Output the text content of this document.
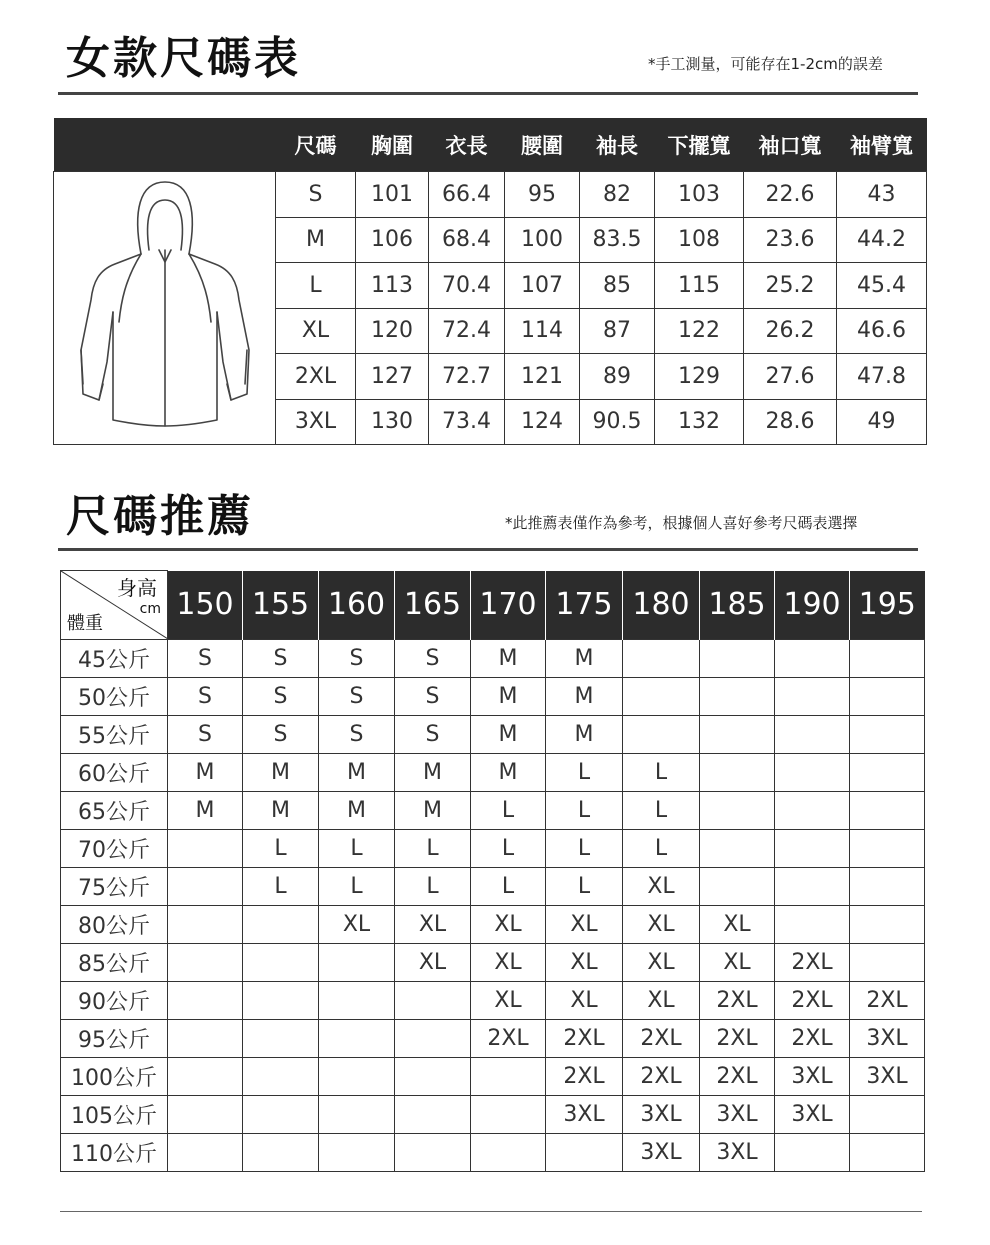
女款尺碼表	*手工測量，可能存在1-2cm的誤差
	尺碼	胸圍	衣長	腰圍	袖長	下擺寬	袖口寬	袖臂寬
	S	101	66.4	95	82	103	22.6	43
	M	106	68.4	100	83.5	108	23.6	44.2
	L	113	70.4	107	85	115	25.2	45.4
	XL	120	72.4	114	87	122	26.2	46.6
	2XL	127	72.7	121	89	129	27.6	47.8
	3XL	130	73.4	124	90.5	132	28.6	49
尺碼推薦	*此推薦表僅作為參考，根據個人喜好參考尺碼表選擇
身高
cm
體重	150	155	160	165	170	175	180	185	190	195
45公斤	S	S	S	S	M	M				
50公斤	S	S	S	S	M	M				
55公斤	S	S	S	S	M	M				
60公斤	M	M	M	M	M	L	L			
65公斤	M	M	M	M	L	L	L			
70公斤		L	L	L	L	L	L			
75公斤		L	L	L	L	L	XL			
80公斤			XL	XL	XL	XL	XL	XL		
85公斤				XL	XL	XL	XL	XL	2XL	
90公斤					XL	XL	XL	2XL	2XL	2XL
95公斤					2XL	2XL	2XL	2XL	2XL	3XL
100公斤						2XL	2XL	2XL	3XL	3XL
105公斤						3XL	3XL	3XL	3XL	
110公斤							3XL	3XL		
